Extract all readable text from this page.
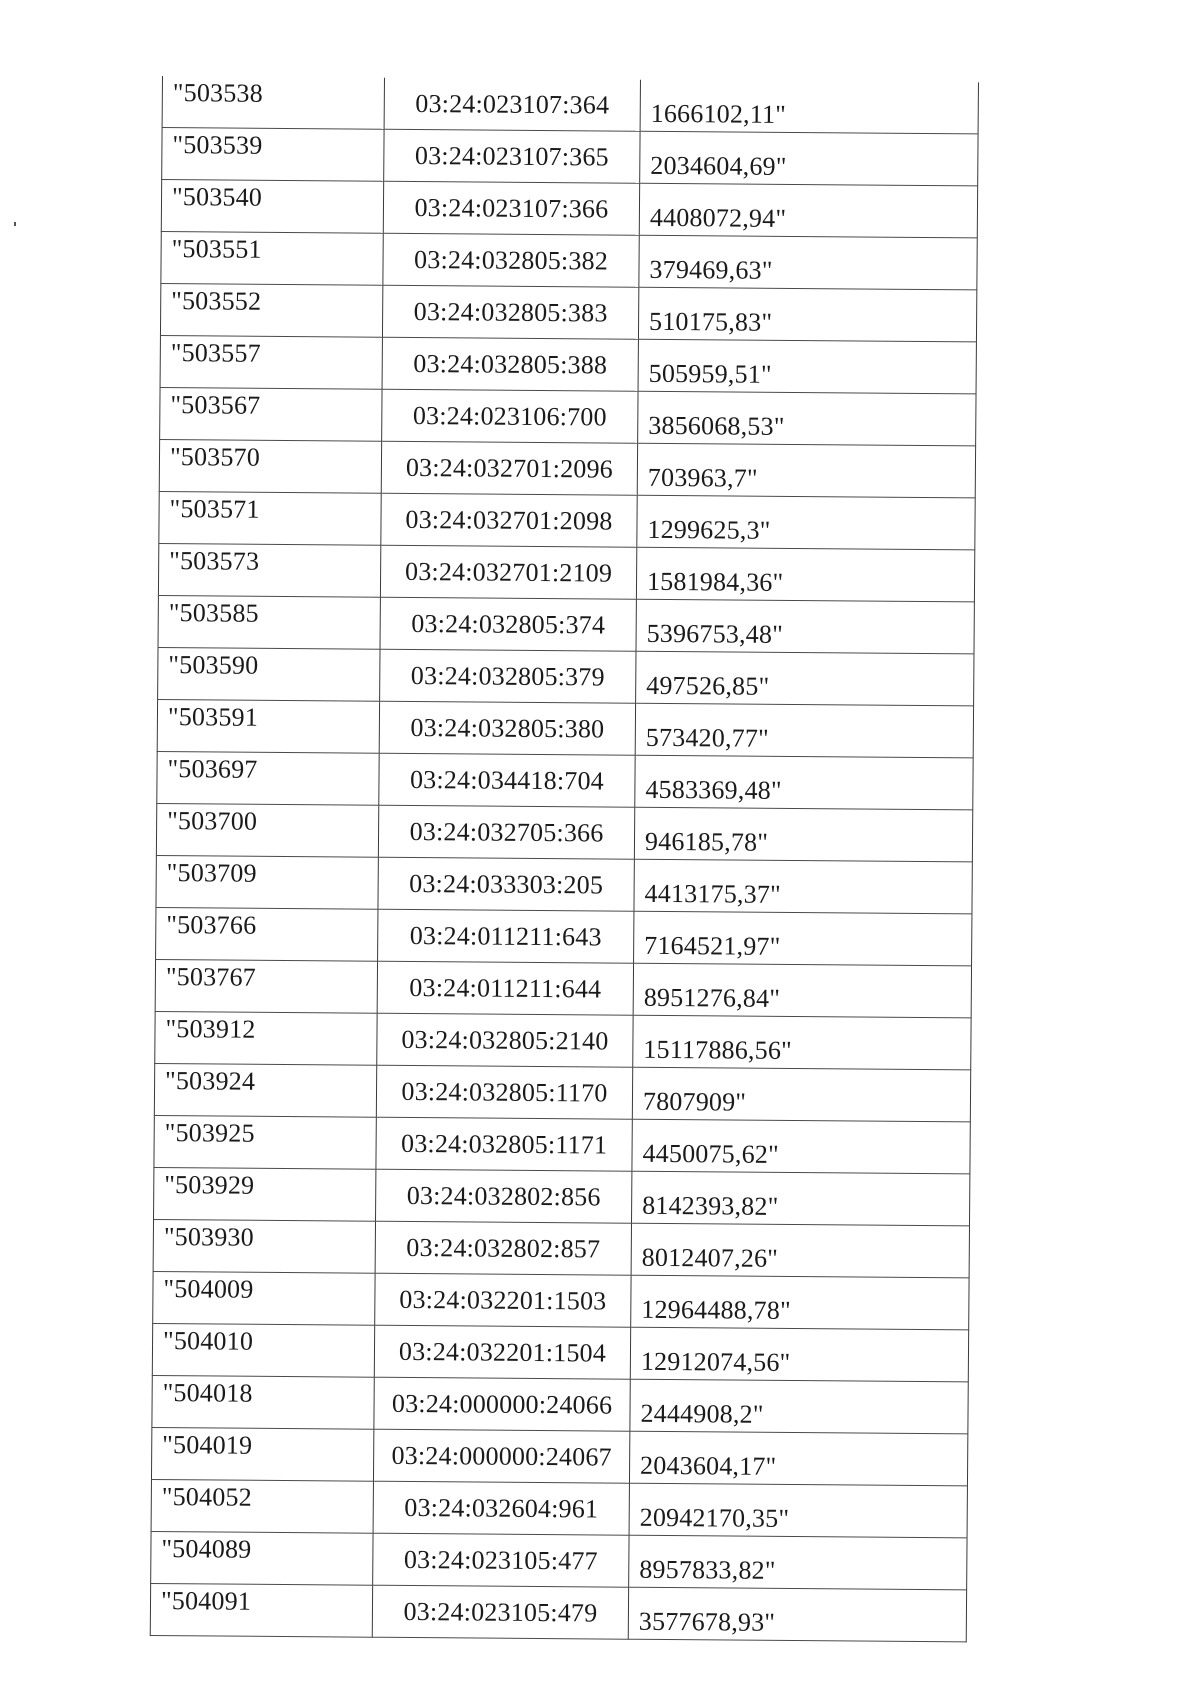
"503538	03:24:023107:364	1666102,11"
"503539	03:24:023107:365	2034604,69"
"503540	03:24:023107:366	4408072,94"
"503551	03:24:032805:382	379469,63"
"503552	03:24:032805:383	510175,83"
"503557	03:24:032805:388	505959,51"
"503567	03:24:023106:700	3856068,53"
"503570	03:24:032701:2096	703963,7"
"503571	03:24:032701:2098	1299625,3"
"503573	03:24:032701:2109	1581984,36"
"503585	03:24:032805:374	5396753,48"
"503590	03:24:032805:379	497526,85"
"503591	03:24:032805:380	573420,77"
"503697	03:24:034418:704	4583369,48"
"503700	03:24:032705:366	946185,78"
"503709	03:24:033303:205	4413175,37"
"503766	03:24:011211:643	7164521,97"
"503767	03:24:011211:644	8951276,84"
"503912	03:24:032805:2140	15117886,56"
"503924	03:24:032805:1170	7807909"
"503925	03:24:032805:1171	4450075,62"
"503929	03:24:032802:856	8142393,82"
"503930	03:24:032802:857	8012407,26"
"504009	03:24:032201:1503	12964488,78"
"504010	03:24:032201:1504	12912074,56"
"504018	03:24:000000:24066	2444908,2"
"504019	03:24:000000:24067	2043604,17"
"504052	03:24:032604:961	20942170,35"
"504089	03:24:023105:477	8957833,82"
"504091	03:24:023105:479	3577678,93"
